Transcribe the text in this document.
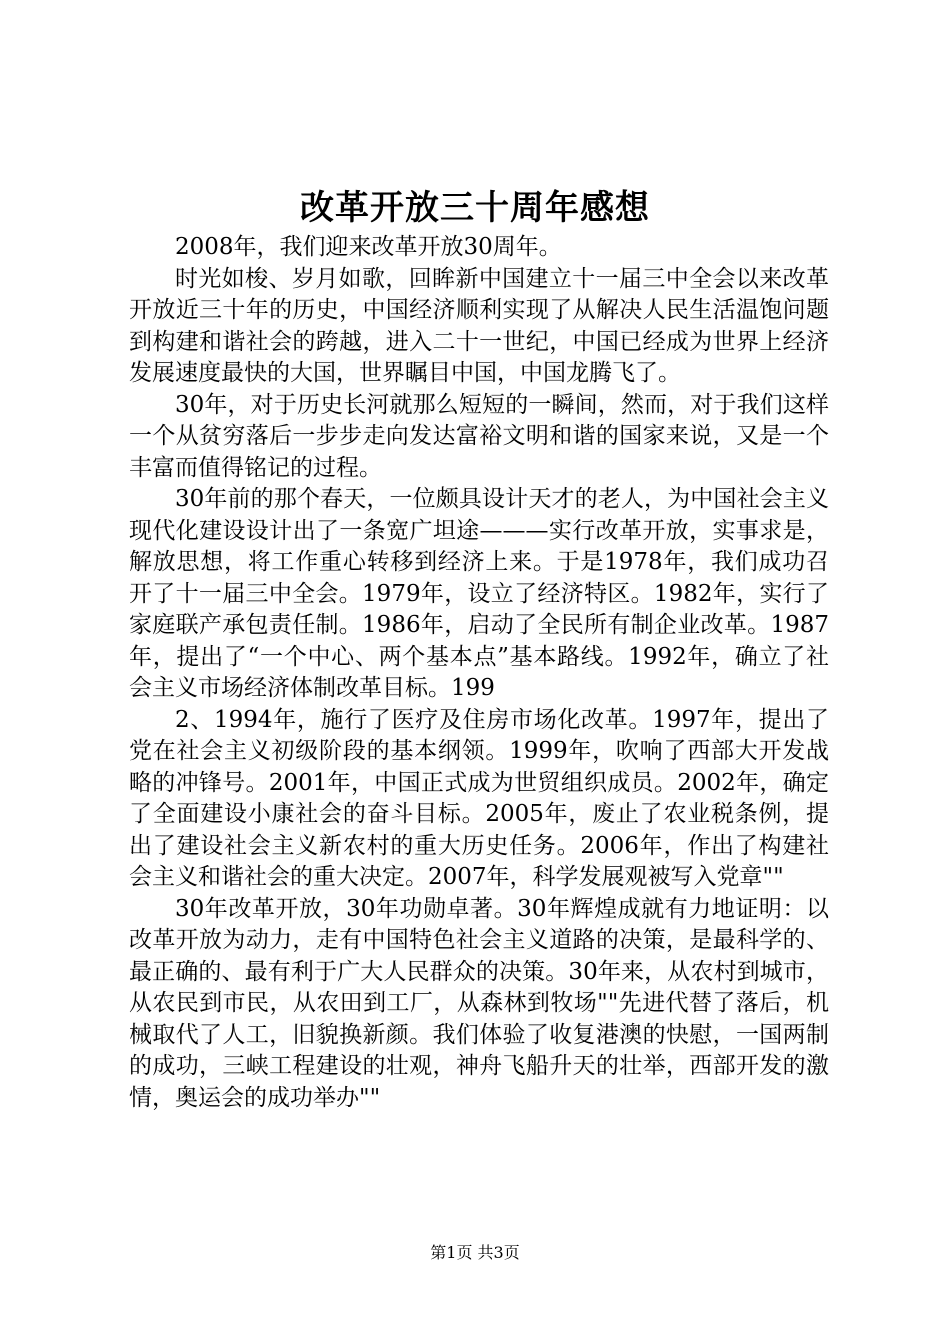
改革开放三十周年感想

2008年，我们迎来改革开放30周年。

时光如梭、岁月如歌，回眸新中国建立十一届三中全会以来改革开放近三十年的历史，中国经济顺利实现了从解决人民生活温饱问题到构建和谐社会的跨越，进入二十一世纪，中国已经成为世界上经济发展速度最快的大国，世界瞩目中国，中国龙腾飞了。

30年，对于历史长河就那么短短的一瞬间，然而，对于我们这样一个从贫穷落后一步步走向发达富裕文明和谐的国家来说，又是一个丰富而值得铭记的过程。

30年前的那个春天，一位颇具设计天才的老人，为中国社会主义现代化建设设计出了一条宽广坦途———实行改革开放，实事求是，解放思想，将工作重心转移到经济上来。于是1978年，我们成功召开了十一届三中全会。1979年，设立了经济特区。1982年，实行了家庭联产承包责任制。1986年，启动了全民所有制企业改革。1987年，提出了“一个中心、两个基本点”基本路线。1992年，确立了社会主义市场经济体制改革目标。199

2、1994年，施行了医疗及住房市场化改革。1997年，提出了党在社会主义初级阶段的基本纲领。1999年，吹响了西部大开发战略的冲锋号。2001年，中国正式成为世贸组织成员。2002年，确定了全面建设小康社会的奋斗目标。2005年，废止了农业税条例，提出了建设社会主义新农村的重大历史任务。2006年，作出了构建社会主义和谐社会的重大决定。2007年，科学发展观被写入党章""

30年改革开放，30年功勋卓著。30年辉煌成就有力地证明：以改革开放为动力，走有中国特色社会主义道路的决策，是最科学的、最正确的、最有利于广大人民群众的决策。30年来，从农村到城市，从农民到市民，从农田到工厂，从森林到牧场""先进代替了落后，机械取代了人工，旧貌换新颜。我们体验了收复港澳的快慰，一国两制的成功，三峡工程建设的壮观，神舟飞船升天的壮举，西部开发的激情，奥运会的成功举办""

第1页 共3页
